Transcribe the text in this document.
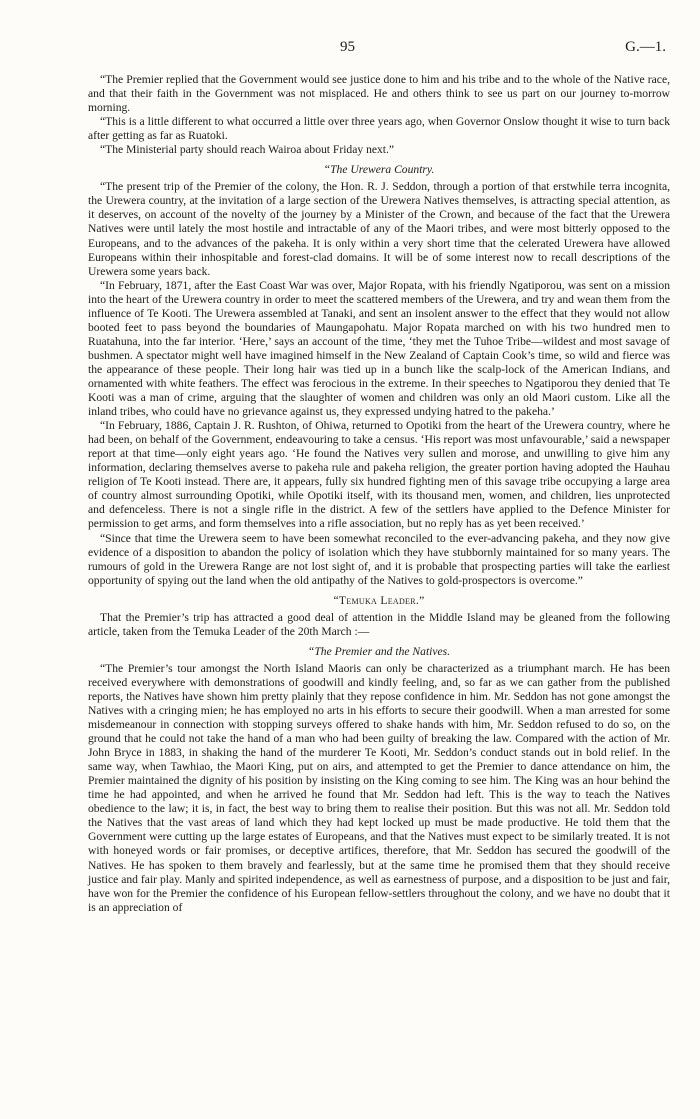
95	G.—1.

“The Premier replied that the Government would see justice done to him and his tribe and to the whole of the Native race, and that their faith in the Government was not misplaced. He and others think to see us part on our journey to-morrow morning.

“This is a little different to what occurred a little over three years ago, when Governor Onslow thought it wise to turn back after getting as far as Ruatoki.

“The Ministerial party should reach Wairoa about Friday next.”

“The Urewera Country.

“The present trip of the Premier of the colony, the Hon. R. J. Seddon, through a portion of that erstwhile terra incognita, the Urewera country, at the invitation of a large section of the Urewera Natives themselves, is attracting special attention, as it deserves, on account of the novelty of the journey by a Minister of the Crown, and because of the fact that the Urewera Natives were until lately the most hostile and intractable of any of the Maori tribes, and were most bitterly opposed to the Europeans, and to the advances of the pakeha. It is only within a very short time that the celerated Urewera have allowed Europeans within their inhospitable and forest-clad domains. It will be of some interest now to recall descriptions of the Urewera some years back.

“In February, 1871, after the East Coast War was over, Major Ropata, with his friendly Ngatiporou, was sent on a mission into the heart of the Urewera country in order to meet the scattered members of the Urewera, and try and wean them from the influence of Te Kooti. The Urewera assembled at Tanaki, and sent an insolent answer to the effect that they would not allow booted feet to pass beyond the boundaries of Maungapohatu. Major Ropata marched on with his two hundred men to Ruatahuna, into the far interior. ‘Here,’ says an account of the time, ‘they met the Tuhoe Tribe—wildest and most savage of bushmen. A spectator might well have imagined himself in the New Zealand of Captain Cook’s time, so wild and fierce was the appearance of these people. Their long hair was tied up in a bunch like the scalp-lock of the American Indians, and ornamented with white feathers. The effect was ferocious in the extreme. In their speeches to Ngatiporou they denied that Te Kooti was a man of crime, arguing that the slaughter of women and children was only an old Maori custom. Like all the inland tribes, who could have no grievance against us, they expressed undying hatred to the pakeha.’

“In February, 1886, Captain J. R. Rushton, of Ohiwa, returned to Opotiki from the heart of the Urewera country, where he had been, on behalf of the Government, endeavouring to take a census. ‘His report was most unfavourable,’ said a newspaper report at that time—only eight years ago. ‘He found the Natives very sullen and morose, and unwilling to give him any information, declaring themselves averse to pakeha rule and pakeha religion, the greater portion having adopted the Hauhau religion of Te Kooti instead. There are, it appears, fully six hundred fighting men of this savage tribe occupying a large area of country almost surrounding Opotiki, while Opotiki itself, with its thousand men, women, and children, lies unprotected and defenceless. There is not a single rifle in the district. A few of the settlers have applied to the Defence Minister for permission to get arms, and form themselves into a rifle association, but no reply has as yet been received.’

“Since that time the Urewera seem to have been somewhat reconciled to the ever-advancing pakeha, and they now give evidence of a disposition to abandon the policy of isolation which they have stubbornly maintained for so many years. The rumours of gold in the Urewera Range are not lost sight of, and it is probable that prospecting parties will take the earliest opportunity of spying out the land when the old antipathy of the Natives to gold-prospectors is overcome.”

“Temuka Leader.”

That the Premier’s trip has attracted a good deal of attention in the Middle Island may be gleaned from the following article, taken from the Temuka Leader of the 20th March :—

“The Premier and the Natives.

“The Premier’s tour amongst the North Island Maoris can only be characterized as a triumphant march. He has been received everywhere with demonstrations of goodwill and kindly feeling, and, so far as we can gather from the published reports, the Natives have shown him pretty plainly that they repose confidence in him. Mr. Seddon has not gone amongst the Natives with a cringing mien; he has employed no arts in his efforts to secure their goodwill. When a man arrested for some misdemeanour in connection with stopping surveys offered to shake hands with him, Mr. Seddon refused to do so, on the ground that he could not take the hand of a man who had been guilty of breaking the law. Compared with the action of Mr. John Bryce in 1883, in shaking the hand of the murderer Te Kooti, Mr. Seddon’s conduct stands out in bold relief. In the same way, when Tawhiao, the Maori King, put on airs, and attempted to get the Premier to dance attendance on him, the Premier maintained the dignity of his position by insisting on the King coming to see him. The King was an hour behind the time he had appointed, and when he arrived he found that Mr. Seddon had left. This is the way to teach the Natives obedience to the law; it is, in fact, the best way to bring them to realise their position. But this was not all. Mr. Seddon told the Natives that the vast areas of land which they had kept locked up must be made productive. He told them that the Government were cutting up the large estates of Europeans, and that the Natives must expect to be similarly treated. It is not with honeyed words or fair promises, or deceptive artifices, therefore, that Mr. Seddon has secured the goodwill of the Natives. He has spoken to them bravely and fearlessly, but at the same time he promised them that they should receive justice and fair play. Manly and spirited independence, as well as earnestness of purpose, and a disposition to be just and fair, have won for the Premier the confidence of his European fellow-settlers throughout the colony, and we have no doubt that it is an appreciation of
